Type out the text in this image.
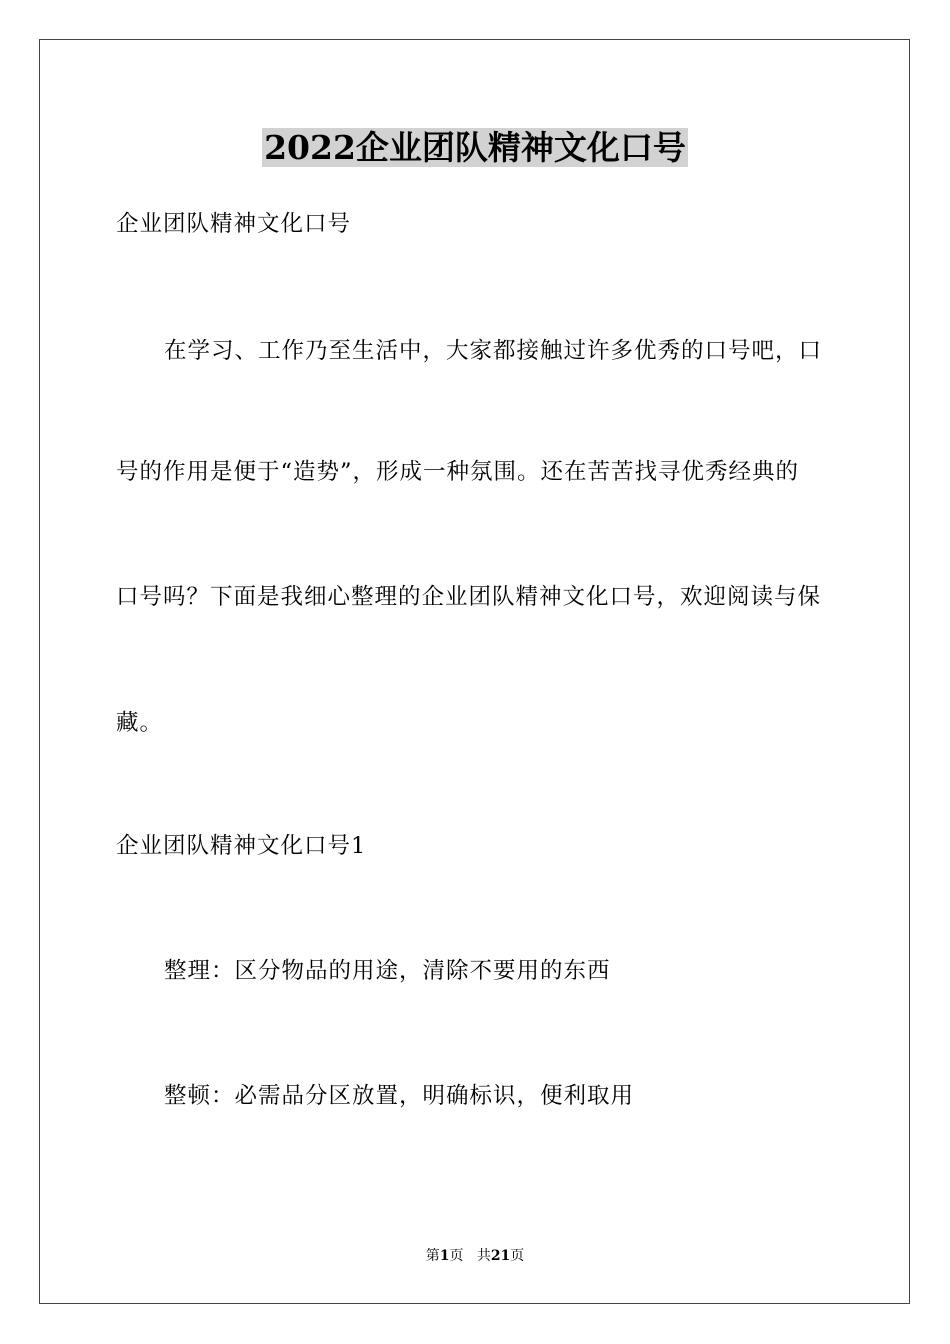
2022企业团队精神文化口号
企业团队精神文化口号
在学习、工作乃至生活中，大家都接触过许多优秀的口号吧，口
号的作用是便于“造势”，形成一种氛围。还在苦苦找寻优秀经典的
口号吗？下面是我细心整理的企业团队精神文化口号，欢迎阅读与保
藏。
企业团队精神文化口号1
整理：区分物品的用途，清除不要用的东西
整顿：必需品分区放置，明确标识，便利取用
第1页 共21页
